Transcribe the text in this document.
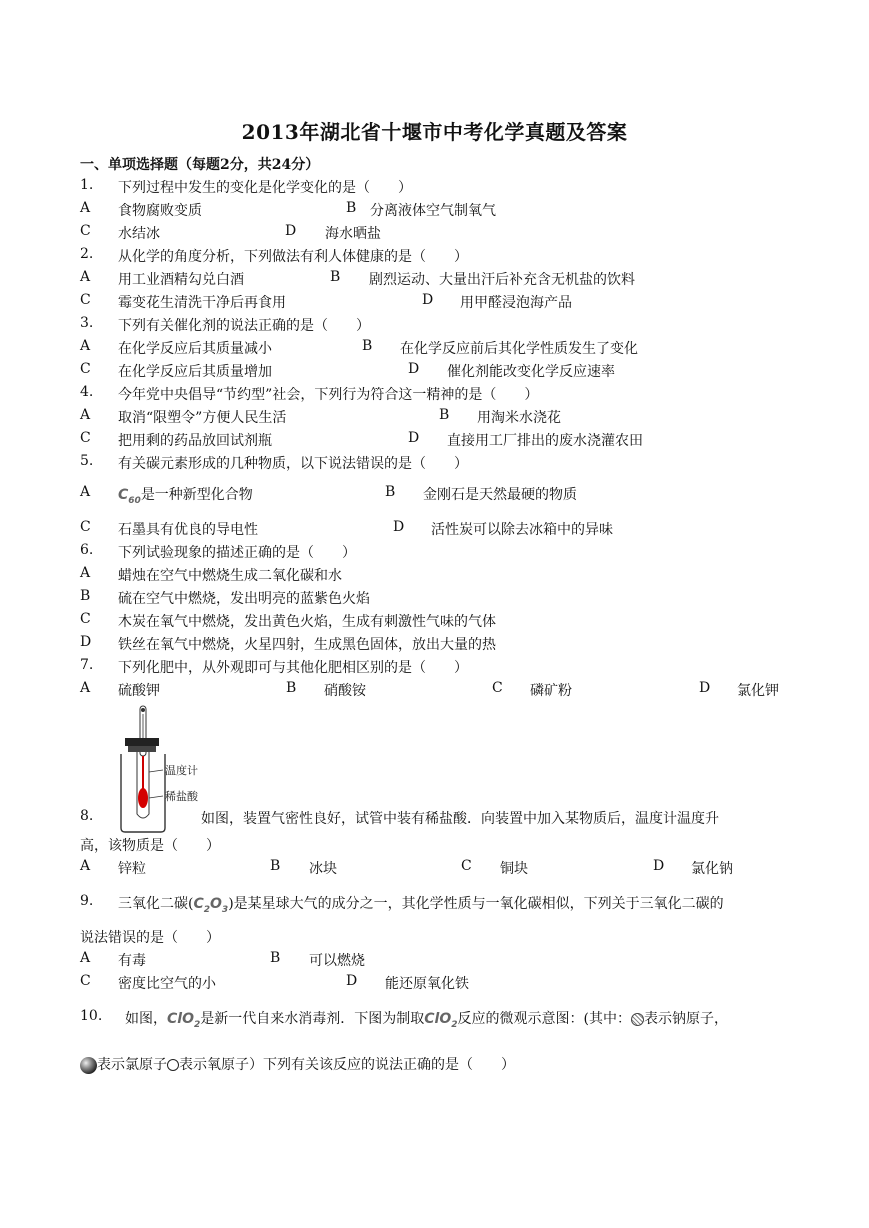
2013年湖北省十堰市中考化学真题及答案
一、单项选择题（每题2分，共24分）
1. 下列过程中发生的变化是化学变化的是（　　）
A 食物腐败变质	B 分离液体空气制氧气
C 水结冰	D 海水晒盐
2. 从化学的角度分析，下列做法有利人体健康的是（　　）
A 用工业酒精勾兑白酒	B 剧烈运动、大量出汗后补充含无机盐的饮料
C 霉变花生清洗干净后再食用	D 用甲醛浸泡海产品
3. 下列有关催化剂的说法正确的是（　　）
A 在化学反应后其质量减小	B 在化学反应前后其化学性质发生了变化
C 在化学反应后其质量增加	D 催化剂能改变化学反应速率
4. 今年党中央倡导“节约型”社会，下列行为符合这一精神的是（　　）
A 取消“限塑令”方便人民生活	B 用淘米水浇花
C 把用剩的药品放回试剂瓶	D 直接用工厂排出的废水浇灌农田
5. 有关碳元素形成的几种物质，以下说法错误的是（　　）
A $C_{60}$是一种新型化合物	B 金刚石是天然最硬的物质
C 石墨具有优良的导电性	D 活性炭可以除去冰箱中的异味
6. 下列试验现象的描述正确的是（　　）
A 蜡烛在空气中燃烧生成二氧化碳和水
B 硫在空气中燃烧，发出明亮的蓝紫色火焰
C 木炭在氧气中燃烧，发出黄色火焰，生成有刺激性气味的气体
D 铁丝在氧气中燃烧，火星四射，生成黑色固体，放出大量的热
7. 下列化肥中，从外观即可与其他化肥相区别的是（　　）
A 硫酸钾	B 硝酸铵	C 磷矿粉	D 氯化钾
温度计
稀盐酸
8.	如图，装置气密性良好，试管中装有稀盐酸．向装置中加入某物质后，温度计温度升
高，该物质是（　　）
A 锌粒	B 冰块	C 铜块	D 氯化钠
9. 三氧化二碳$(C_2O_3)$是某星球大气的成分之一，其化学性质与一氧化碳相似，下列关于三氧化二碳的
说法错误的是（　　）
A 有毒	B 可以燃烧
C 密度比空气的小	D 能还原氧化铁
10. 如图，ClO$_2$是新一代自来水消毒剂．下图为制取ClO$_2$反应的微观示意图：(其中： 表示钠原子，
表示氯原子 表示氧原子）下列有关该反应的说法正确的是（　　）
